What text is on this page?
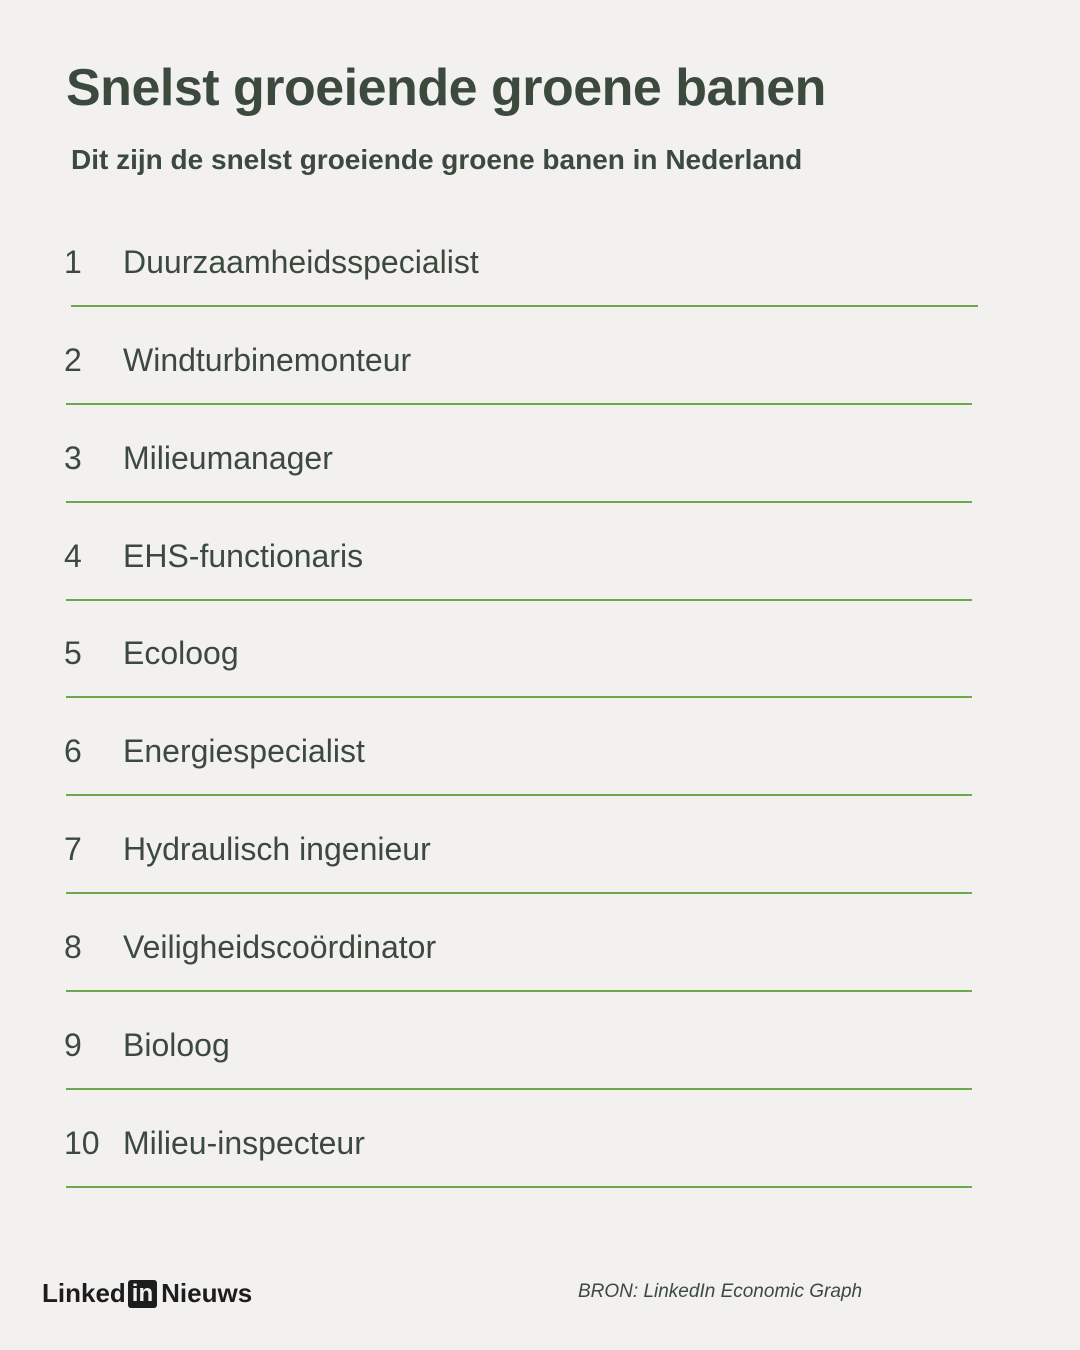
Snelst groeiende groene banen
Dit zijn de snelst groeiende groene banen in Nederland
1 Duurzaamheidsspecialist
2 Windturbinemonteur
3 Milieumanager
4 EHS-functionaris
5 Ecoloog
6 Energiespecialist
7 Hydraulisch ingenieur
8 Veiligheidscoördinator
9 Bioloog
10 Milieu-inspecteur
Linked in Nieuws	BRON: LinkedIn Economic Graph
